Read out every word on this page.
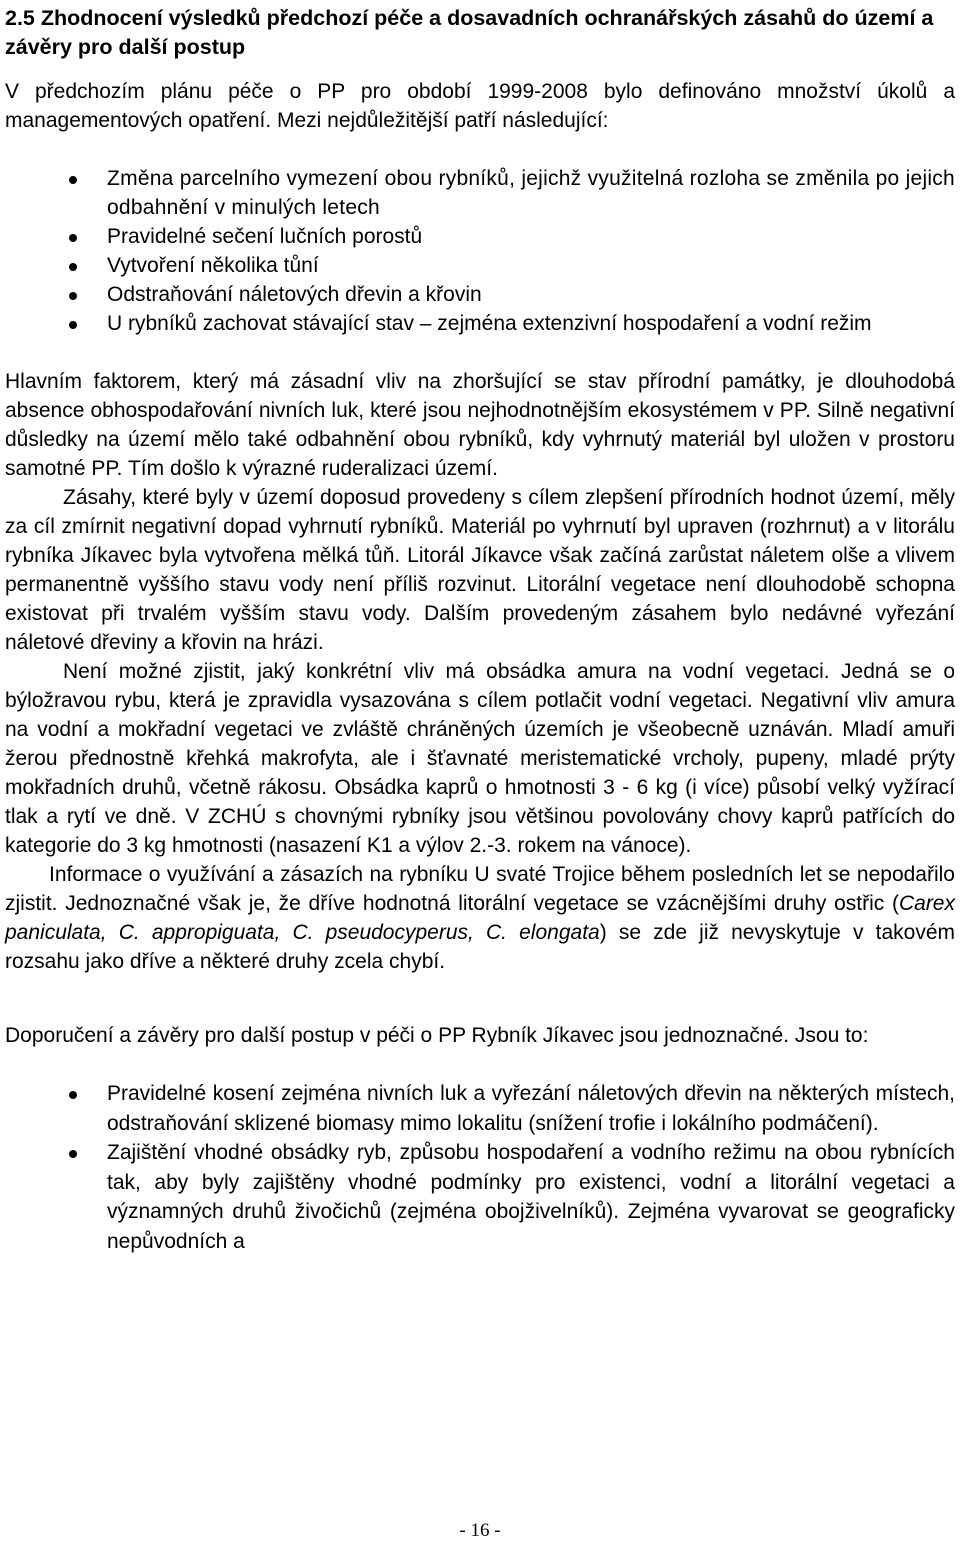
2.5 Zhodnocení výsledků předchozí péče a dosavadních ochranářských zásahů do území a závěry pro další postup

V předchozím plánu péče o PP pro období 1999-2008 bylo definováno množství úkolů a managementových opatření. Mezi nejdůležitější patří následující:

Změna parcelního vymezení obou rybníků, jejichž využitelná rozloha se změnila po jejich odbahnění v minulých letech
Pravidelné sečení lučních porostů
Vytvoření několika tůní
Odstraňování náletových dřevin a křovin
U rybníků zachovat stávající stav – zejména extenzivní hospodaření a vodní režim

Hlavním faktorem, který má zásadní vliv na zhoršující se stav přírodní památky, je dlouhodobá absence obhospodařování nivních luk, které jsou nejhodnotnějším ekosystémem v PP. Silně negativní důsledky na území mělo také odbahnění obou rybníků, kdy vyhrnutý materiál byl uložen v prostoru samotné PP. Tím došlo k výrazné ruderalizaci území.

Zásahy, které byly v území doposud provedeny s cílem zlepšení přírodních hodnot území, měly za cíl zmírnit negativní dopad vyhrnutí rybníků. Materiál po vyhrnutí byl upraven (rozhrnut) a v litorálu rybníka Jíkavec byla vytvořena mělká tůň. Litorál Jíkavce však začíná zarůstat náletem olše a vlivem permanentně vyššího stavu vody není příliš rozvinut. Litorální vegetace není dlouhodobě schopna existovat při trvalém vyšším stavu vody. Dalším provedeným zásahem bylo nedávné vyřezání náletové dřeviny a křovin na hrázi.

Není možné zjistit, jaký konkrétní vliv má obsádka amura na vodní vegetaci. Jedná se o býložravou rybu, která je zpravidla vysazována s cílem potlačit vodní vegetaci. Negativní vliv amura na vodní a mokřadní vegetaci ve zvláště chráněných územích je všeobecně uznáván. Mladí amuři žerou přednostně křehká makrofyta, ale i šťavnaté meristematické vrcholy, pupeny, mladé prýty mokřadních druhů, včetně rákosu. Obsádka kaprů o hmotnosti 3 - 6 kg (i více) působí velký vyžírací tlak a rytí ve dně. V ZCHÚ s chovnými rybníky jsou většinou povolovány chovy kaprů patřících do kategorie do 3 kg hmotnosti (nasazení K1 a výlov 2.-3. rokem na vánoce).

Informace o využívání a zásazích na rybníku U svaté Trojice během posledních let se nepodařilo zjistit. Jednoznačné však je, že dříve hodnotná litorální vegetace se vzácnějšími druhy ostřic (Carex paniculata, C. appropiguata, C. pseudocyperus, C. elongata) se zde již nevyskytuje v takovém rozsahu jako dříve a některé druhy zcela chybí.

Doporučení a závěry pro další postup v péči o PP Rybník Jíkavec jsou jednoznačné. Jsou to:

Pravidelné kosení zejména nivních luk a vyřezání náletových dřevin na některých místech, odstraňování sklizené biomasy mimo lokalitu (snížení trofie i lokálního podmáčení).
Zajištění vhodné obsádky ryb, způsobu hospodaření a vodního režimu na obou rybnících tak, aby byly zajištěny vhodné podmínky pro existenci, vodní a litorální vegetaci a významných druhů živočichů (zejména obojživelníků). Zejména vyvarovat se geograficky nepůvodních a
- 16 -
